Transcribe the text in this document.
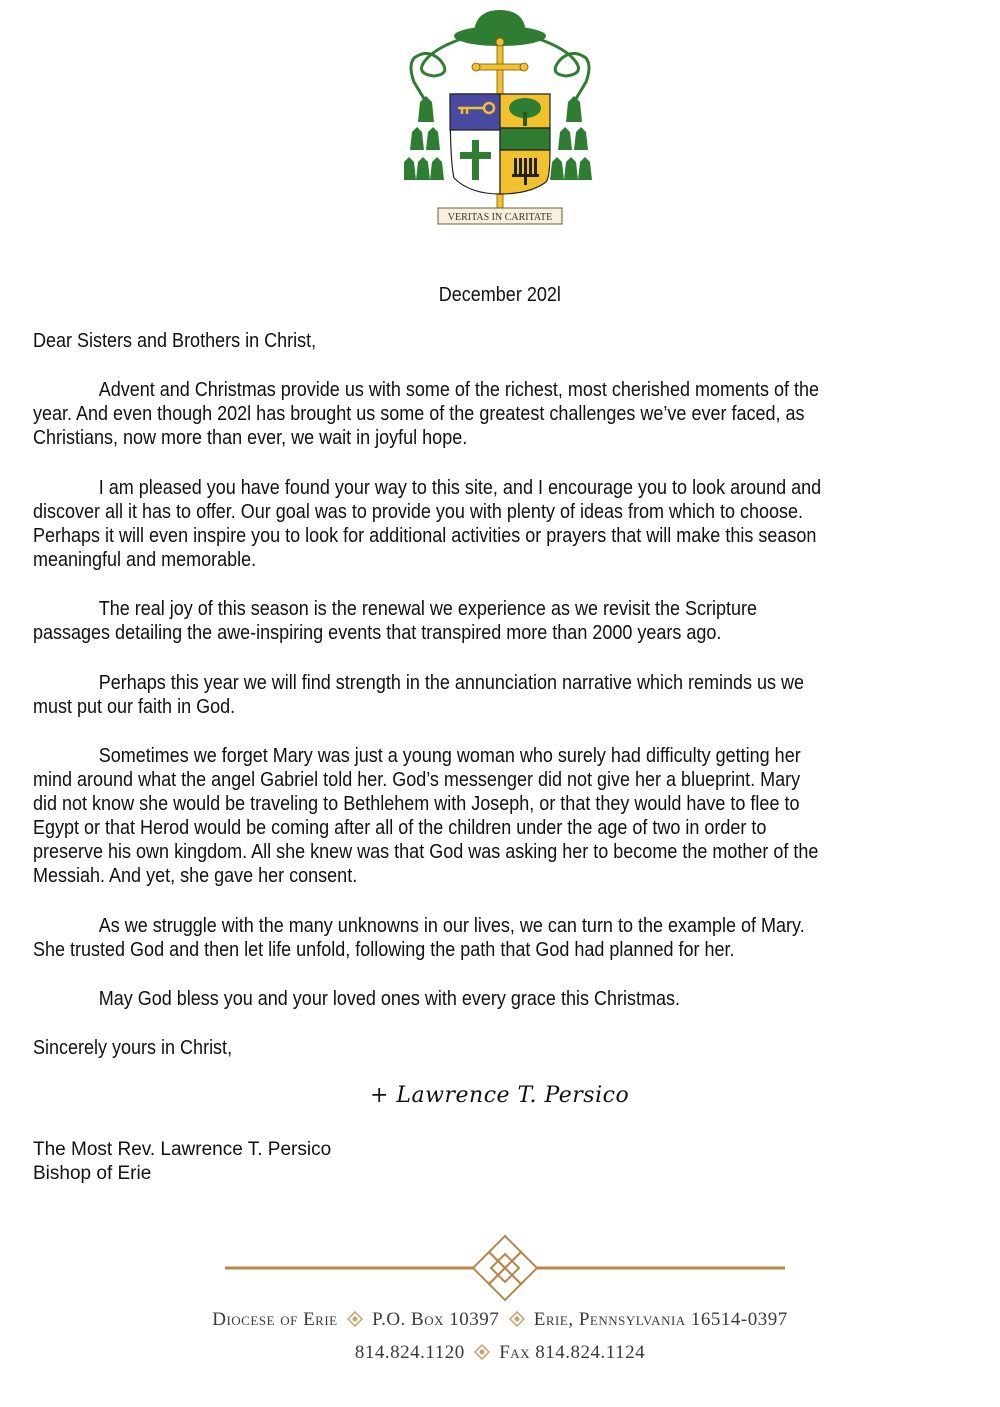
VERITAS IN CARITATE
December 202l
Dear Sisters and Brothers in Christ,
Advent and Christmas provide us with some of the richest, most cherished moments of the
year. And even though 202l has brought us some of the greatest challenges we’ve ever faced, as
Christians, now more than ever, we wait in joyful hope.
I am pleased you have found your way to this site, and I encourage you to look around and
discover all it has to offer. Our goal was to provide you with plenty of ideas from which to choose.
Perhaps it will even inspire you to look for additional activities or prayers that will make this season
meaningful and memorable.
The real joy of this season is the renewal we experience as we revisit the Scripture
passages detailing the awe-inspiring events that transpired more than 2000 years ago.
Perhaps this year we will find strength in the annunciation narrative which reminds us we
must put our faith in God.
Sometimes we forget Mary was just a young woman who surely had difficulty getting her
mind around what the angel Gabriel told her. God’s messenger did not give her a blueprint. Mary
did not know she would be traveling to Bethlehem with Joseph, or that they would have to flee to
Egypt or that Herod would be coming after all of the children under the age of two in order to
preserve his own kingdom. All she knew was that God was asking her to become the mother of the
Messiah. And yet, she gave her consent.
As we struggle with the many unknowns in our lives, we can turn to the example of Mary.
She trusted God and then let life unfold, following the path that God had planned for her.
May God bless you and your loved ones with every grace this Christmas.
Sincerely yours in Christ,
+ Lawrence T. Persico
The Most Rev. Lawrence T. Persico
Bishop of Erie
Diocese of Erie P.O. Box 10397 Erie, Pennsylvania 16514-0397
814.824.1120 Fax 814.824.1124
